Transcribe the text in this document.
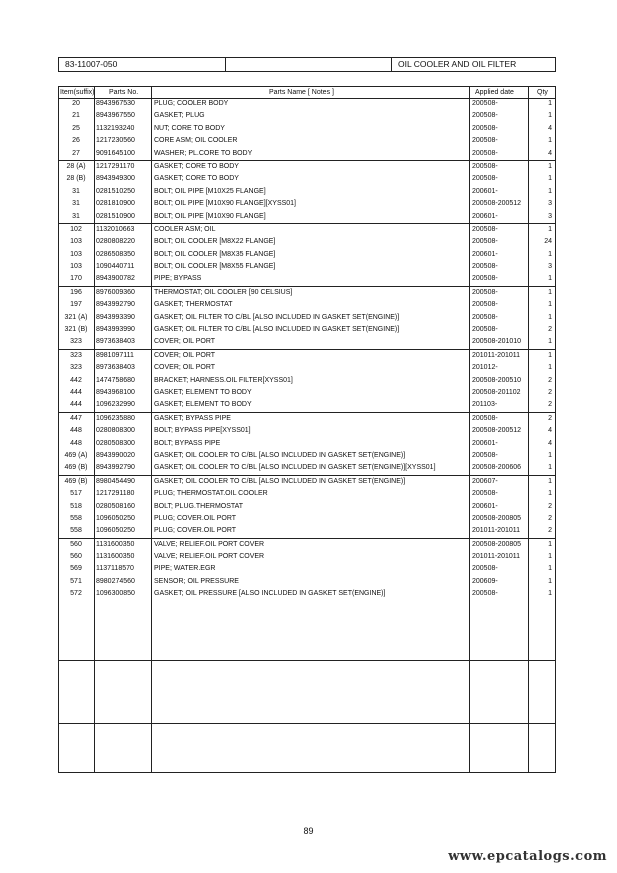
83-11007-050	OIL COOLER AND OIL FILTER
Item(suffix) Parts No.	Parts Name [ Notes ]	Applied date	Qty
20	8943967530	PLUG; COOLER BODY	200508-	1
21	8943967550	GASKET; PLUG	200508-	1
25	1132193240	NUT; CORE TO BODY	200508-	4
26	1217230560	CORE ASM; OIL COOLER	200508-	1
27	9091645100	WASHER; PL.CORE TO BODY	200508-	4
28 (A)	1217291170	GASKET; CORE TO BODY	200508-	1
28 (B)	8943949300	GASKET; CORE TO BODY	200508-	1
31	0281510250	BOLT; OIL PIPE [M10X25 FLANGE]	200601-	1
31	0281810900	BOLT; OIL PIPE [M10X90 FLANGE][XYSS01]	200508-200512	3
31	0281510900	BOLT; OIL PIPE [M10X90 FLANGE]	200601-	3
102	1132010663	COOLER ASM; OIL	200508-	1
103	0280808220	BOLT; OIL COOLER [M8X22 FLANGE]	200508-	24
103	0286508350	BOLT; OIL COOLER [M8X35 FLANGE]	200601-	1
103	1090440711	BOLT; OIL COOLER [M8X55 FLANGE]	200508-	3
170	8943900782	PIPE; BYPASS	200508-	1
196	8976009360	THERMOSTAT; OIL COOLER [90 CELSIUS]	200508-	1
197	8943992790	GASKET; THERMOSTAT	200508-	1
321 (A)	8943993390	GASKET; OIL FILTER TO C/BL [ALSO INCLUDED IN GASKET SET(ENGINE)]	200508-	1
321 (B)	8943993990	GASKET; OIL FILTER TO C/BL [ALSO INCLUDED IN GASKET SET(ENGINE)]	200508-	2
323	8973638403	COVER; OIL PORT	200508-201010	1
323	8981097111	COVER; OIL PORT	201011-201011	1
323	8973638403	COVER; OIL PORT	201012-	1
442	1474758680	BRACKET; HARNESS.OIL FILTER[XYSS01]	200508-200510	2
444	8943968100	GASKET; ELEMENT TO BODY	200508-201102	2
444	1096232990	GASKET; ELEMENT TO BODY	201103-	2
447	1096235880	GASKET; BYPASS PIPE	200508-	2
448	0280808300	BOLT; BYPASS PIPE[XYSS01]	200508-200512	4
448	0280508300	BOLT; BYPASS PIPE	200601-	4
469 (A)	8943990020	GASKET; OIL COOLER TO C/BL [ALSO INCLUDED IN GASKET SET(ENGINE)]	200508-	1
469 (B)	8943992790	GASKET; OIL COOLER TO C/BL [ALSO INCLUDED IN GASKET SET(ENGINE)][XYSS01]	200508-200606	1
469 (B)	8980454490	GASKET; OIL COOLER TO C/BL [ALSO INCLUDED IN GASKET SET(ENGINE)]	200607-	1
517	1217291180	PLUG; THERMOSTAT.OIL COOLER	200508-	1
518	0280508160	BOLT; PLUG.THERMOSTAT	200601-	2
558	1096050250	PLUG; COVER.OIL PORT	200508-200805	2
558	1096050250	PLUG; COVER.OIL PORT	201011-201011	2
560	1131600350	VALVE; RELIEF.OIL PORT COVER	200508-200805	1
560	1131600350	VALVE; RELIEF.OIL PORT COVER	201011-201011	1
569	1137118570	PIPE; WATER.EGR	200508-	1
571	8980274560	SENSOR; OIL PRESSURE	200609-	1
572	1096300850	GASKET; OIL PRESSURE [ALSO INCLUDED IN GASKET SET(ENGINE)]	200508-	1
89
www.epcatalogs.com
